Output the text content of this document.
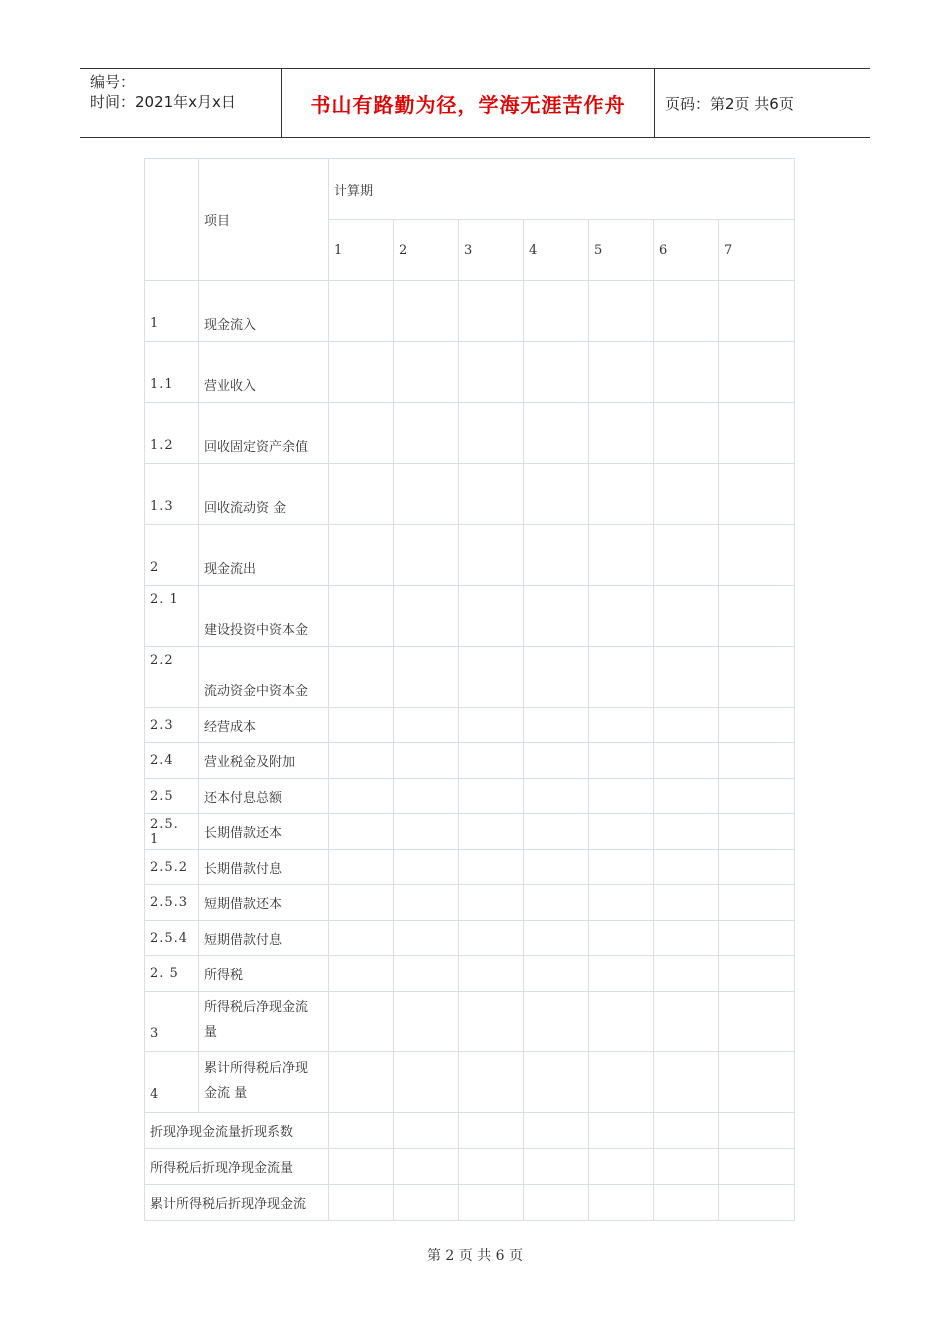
编号：
时间：2021年x月x日	书山有路勤为径，学海无涯苦作舟	页码：第2页 共6页
	项目	计算期						
		1	2	3	4	5	6	7
1	现金流入							
1.1	营业收入							
1.2	回收固定资产余值							
1.3	回收流动资 金							
2	现金流出							
2. 1	建设投资中资本金							
2.2	流动资金中资本金							
2.3	经营成本							
2.4	营业税金及附加							
2.5	还本付息总额							
2.5. 1	长期借款还本							
2.5.2	长期借款付息							
2.5.3	短期借款还本							
2.5.4	短期借款付息							
2. 5	所得税							
3	所得税后净现金流
量							

4	累计所得税后净现
金流 量							

折现净现金流量折现系数								
所得税后折现净现金流量								
累计所得税后折现净现金流								
第 2 页 共 6 页
